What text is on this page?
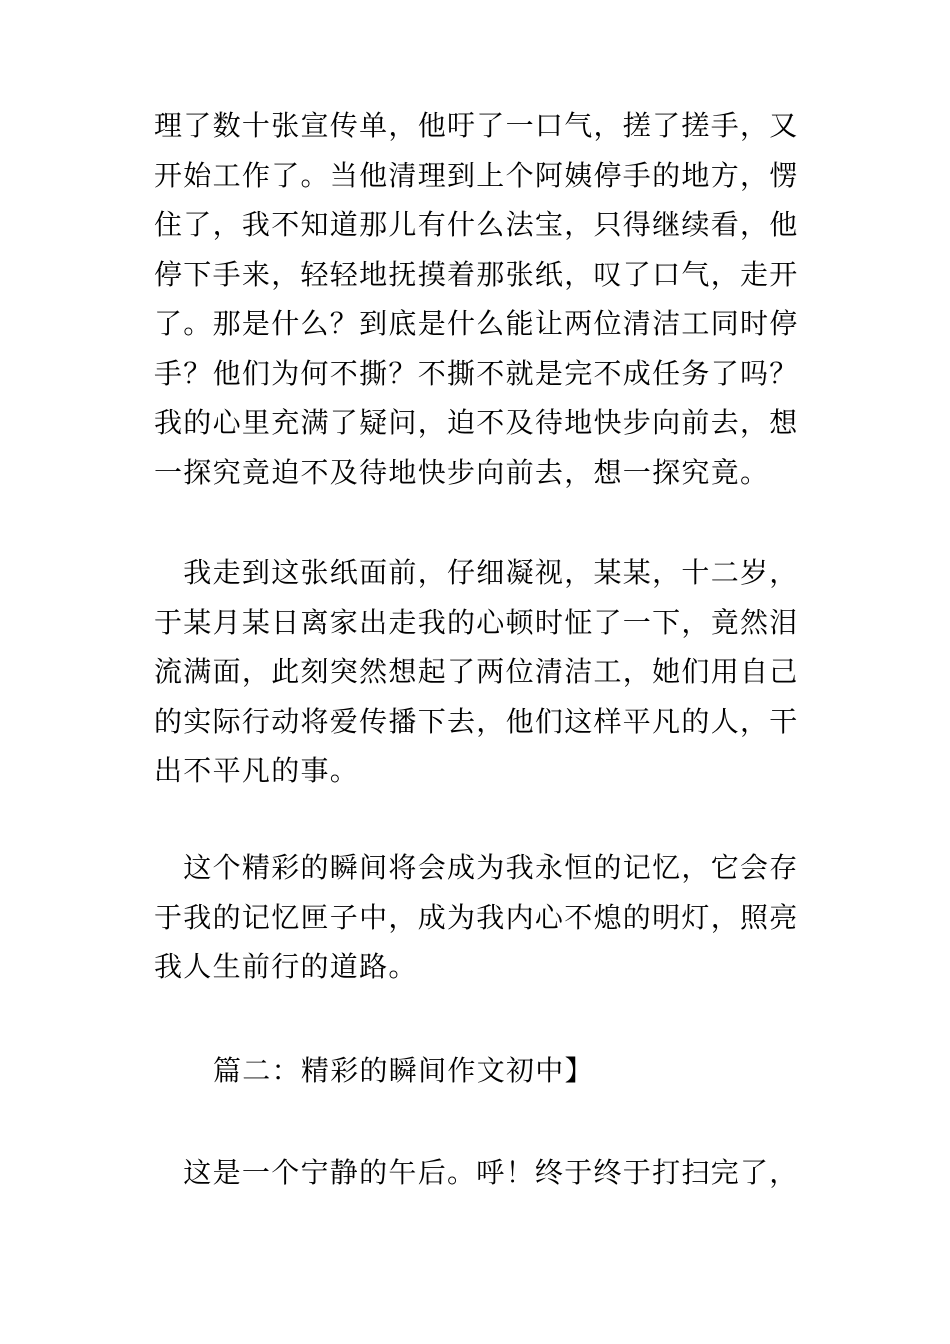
理了数十张宣传单，他吁了一口气，搓了搓手，又
开始工作了。当他清理到上个阿姨停手的地方，愣
住了，我不知道那儿有什么法宝，只得继续看，他
停下手来，轻轻地抚摸着那张纸，叹了口气，走开
了。那是什么？到底是什么能让两位清洁工同时停
手？他们为何不撕？不撕不就是完不成任务了吗？
我的心里充满了疑问，迫不及待地快步向前去，想
一探究竟迫不及待地快步向前去，想一探究竟。

　我走到这张纸面前，仔细凝视，某某，十二岁，
于某月某日离家出走我的心顿时怔了一下，竟然泪
流满面，此刻突然想起了两位清洁工，她们用自己
的实际行动将爱传播下去，他们这样平凡的人，干
出不平凡的事。

　这个精彩的瞬间将会成为我永恒的记忆，它会存
于我的记忆匣子中，成为我内心不熄的明灯，照亮
我人生前行的道路。

篇二：精彩的瞬间作文初中】

　这是一个宁静的午后。呼！终于终于打扫完了，
